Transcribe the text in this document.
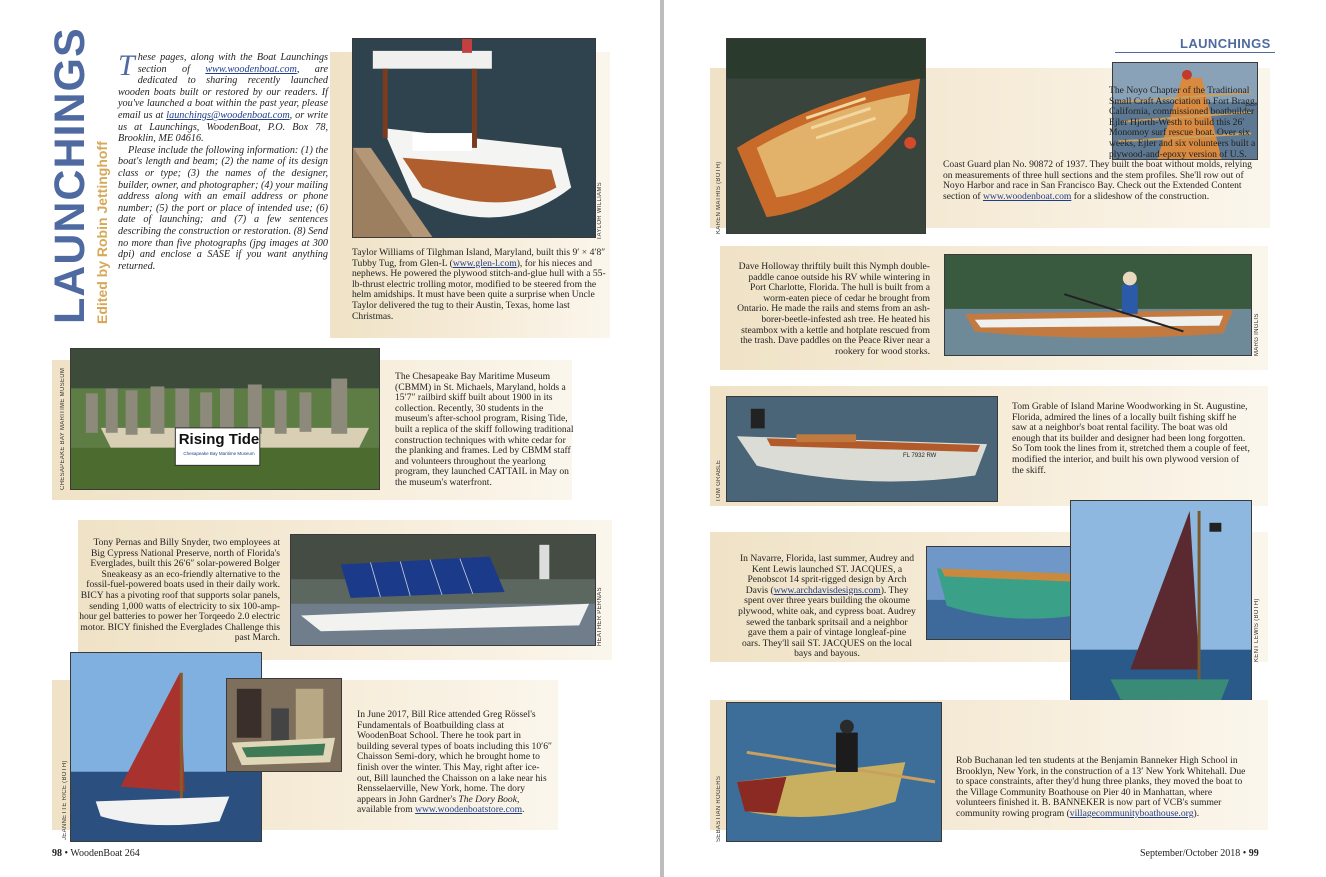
LAUNCHINGS Edited by Robin Jettinghoff

These pages, along with the Boat Launchings section of www.woodenboat.com, are dedicated to sharing recently launched wooden boats built or restored by our readers. If you've launched a boat within the past year, please email us at launchings@woodenboat.com, or write us at Launchings, WoodenBoat, P.O. Box 78, Brooklin, ME 04616.

Please include the following information: (1) the boat's length and beam; (2) the name of its design class or type; (3) the names of the designer, builder, owner, and photographer; (4) your mailing address along with an email address or phone number; (5) the port or place of intended use; (6) date of launching; and (7) a few sentences describing the construction or restoration. (8) Send no more than five photographs (jpg images at 300 dpi) and enclose a SASE if you want anything returned.

TAYLOR WILLIAMS
Taylor Williams of Tilghman Island, Maryland, built this 9′ × 4′8″ Tubby Tug, from Glen-L (www.glen-l.com), for his nieces and nephews. He powered the plywood stitch-and-glue hull with a 55-lb-thrust electric trolling motor, modified to be steered from the helm amidships. It must have been quite a surprise when Uncle Taylor delivered the tug to their Austin, Texas, home last Christmas.
Rising Tide
Chesapeake Bay Maritime Museum
CHESAPEAKE BAY MARITIME MUSEUM	The Chesapeake Bay Maritime Museum (CBMM) in St. Michaels, Maryland, holds a 15′7″ railbird skiff built about 1900 in its collection. Recently, 30 students in the museum's after-school program, Rising Tide, built a replica of the skiff following traditional construction techniques with white cedar for the planking and frames. Led by CBMM staff and volunteers throughout the yearlong program, they launched CATTAIL in May on the museum's waterfront.
HEATHER PERNAS
Tony Pernas and Billy Snyder, two employees at Big Cypress National Preserve, north of Florida's Everglades, built this 26′6″ solar-powered Bolger Sneakeasy as an eco-friendly alternative to the fossil-fuel-powered boats used in their daily work. BICY has a pivoting roof that supports solar panels, sending 1,000 watts of electricity to six 100-amp-hour gel batteries to power her Torqeedo 2.0 electric motor. BICY finished the Everglades Challenge this past March.
JEANNETTE RICE (BOTH)
In June 2017, Bill Rice attended Greg Rössel's Fundamentals of Boatbuilding class at WoodenBoat School. There he took part in building several types of boats including this 10′6″ Chaisson Semi-dory, which he brought home to finish over the winter. This May, right after ice-out, Bill launched the Chaisson on a lake near his Rensselaerville, New York, home. The dory appears in John Gardner's The Dory Book, available from www.woodenboatstore.com.
98 • WoodenBoat 264
LAUNCHINGS
KAREN MATHIS (BOTH)
The Noyo Chapter of the Traditional Small Craft Association in Fort Bragg, California, commissioned boatbuilder Ejler Hjorth-Westh to build this 26′ Monomoy surf rescue boat. Over six weeks, Ejler and six volunteers built a plywood-and-epoxy version of U.S. Coast Guard plan No. 90872 of 1937. They built the boat without molds, relying on measurements of three hull sections and the stem profiles. She'll row out of Noyo Harbor and race in San Francisco Bay. Check out the Extended Content section of www.woodenboat.com for a slideshow of the construction.
MARG INGLIS
Dave Holloway thriftily built this Nymph double-paddle canoe outside his RV while wintering in Port Charlotte, Florida. The hull is built from a worm-eaten piece of cedar he brought from Ontario. He made the rails and stems from an ash-borer-beetle-infested ash tree. He heated his steambox with a kettle and hotplate rescued from the trash. Dave paddles on the Peace River near a rookery for wood storks.
FL 7932 RW
TOM GRABLE
Tom Grable of Island Marine Woodworking in St. Augustine, Florida, admired the lines of a locally built fishing skiff he saw at a neighbor's boat rental facility. The boat was old enough that its builder and designer had been long forgotten. So Tom took the lines from it, stretched them a couple of feet, modified the interior, and built his own plywood version of the skiff.
KENT LEWIS (BOTH)
In Navarre, Florida, last summer, Audrey and Kent Lewis launched ST. JACQUES, a Penobscot 14 sprit-rigged design by Arch Davis (www.archdavisdesigns.com). They spent over three years building the okoume plywood, white oak, and cypress boat. Audrey sewed the tanbark spritsail and a neighbor gave them a pair of vintage longleaf-pine oars. They'll sail ST. JACQUES on the local bays and bayous.
SEBASTIAN ROGERS
Rob Buchanan led ten students at the Benjamin Banneker High School in Brooklyn, New York, in the construction of a 13′ New York Whitehall. Due to space constraints, after they'd hung three planks, they moved the boat to the Village Community Boathouse on Pier 40 in Manhattan, where volunteers finished it. B. BANNEKER is now part of VCB's summer community rowing program (villagecommunityboathouse.org).
September/October 2018 • 99
